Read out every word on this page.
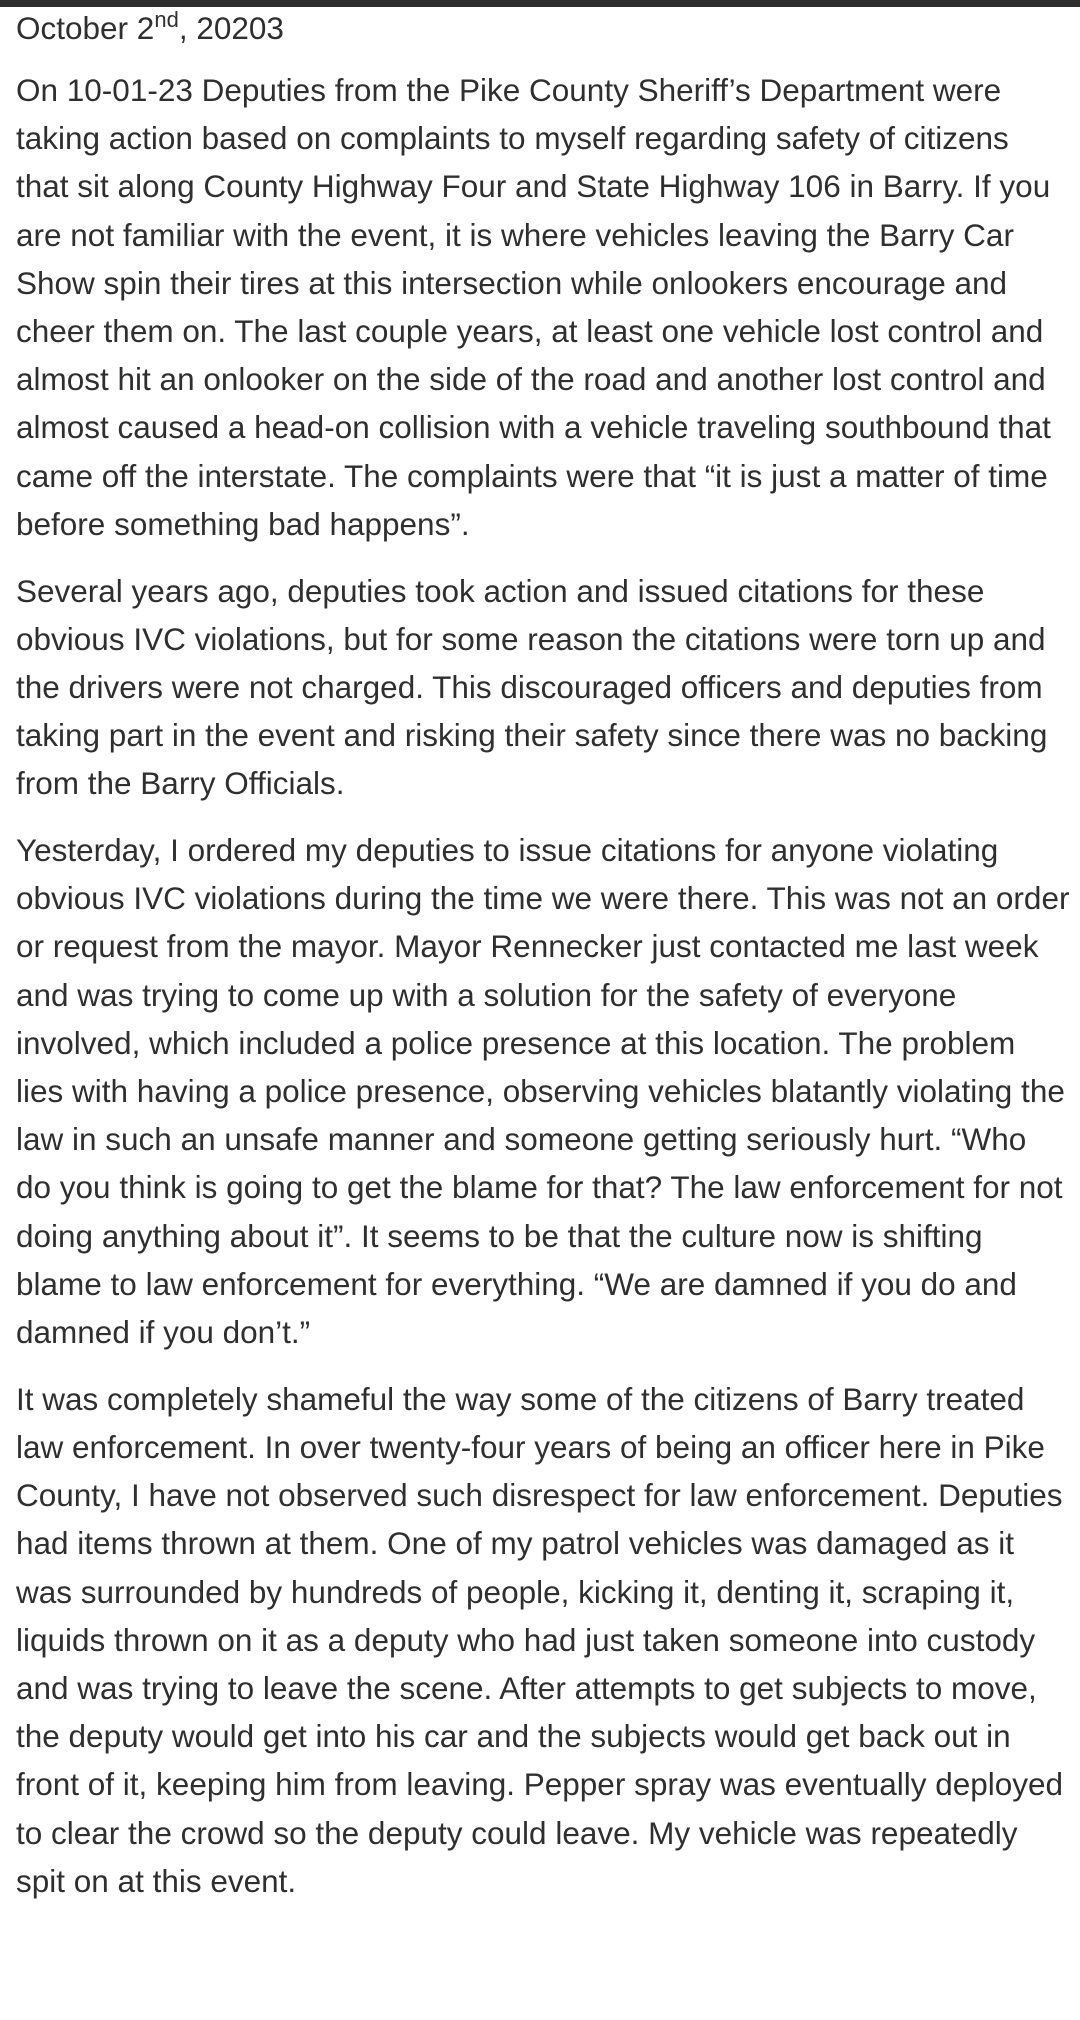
October 2nd, 20203

On 10-01-23 Deputies from the Pike County Sheriff’s Department were taking action based on complaints to myself regarding safety of citizens that sit along County Highway Four and State Highway 106 in Barry. If you are not familiar with the event, it is where vehicles leaving the Barry Car Show spin their tires at this intersection while onlookers encourage and cheer them on. The last couple years, at least one vehicle lost control and almost hit an onlooker on the side of the road and another lost control and almost caused a head-on collision with a vehicle traveling southbound that came off the interstate. The complaints were that “it is just a matter of time before something bad happens”.

Several years ago, deputies took action and issued citations for these obvious IVC violations, but for some reason the citations were torn up and the drivers were not charged. This discouraged officers and deputies from taking part in the event and risking their safety since there was no backing from the Barry Officials.

Yesterday, I ordered my deputies to issue citations for anyone violating obvious IVC violations during the time we were there. This was not an order or request from the mayor. Mayor Rennecker just contacted me last week and was trying to come up with a solution for the safety of everyone involved, which included a police presence at this location. The problem lies with having a police presence, observing vehicles blatantly violating the law in such an unsafe manner and someone getting seriously hurt. “Who do you think is going to get the blame for that? The law enforcement for not doing anything about it”. It seems to be that the culture now is shifting blame to law enforcement for everything. “We are damned if you do and damned if you don’t.”

It was completely shameful the way some of the citizens of Barry treated law enforcement. In over twenty-four years of being an officer here in Pike County, I have not observed such disrespect for law enforcement. Deputies had items thrown at them. One of my patrol vehicles was damaged as it was surrounded by hundreds of people, kicking it, denting it, scraping it, liquids thrown on it as a deputy who had just taken someone into custody and was trying to leave the scene. After attempts to get subjects to move, the deputy would get into his car and the subjects would get back out in front of it, keeping him from leaving. Pepper spray was eventually deployed to clear the crowd so the deputy could leave. My vehicle was repeatedly spit on at this event.
